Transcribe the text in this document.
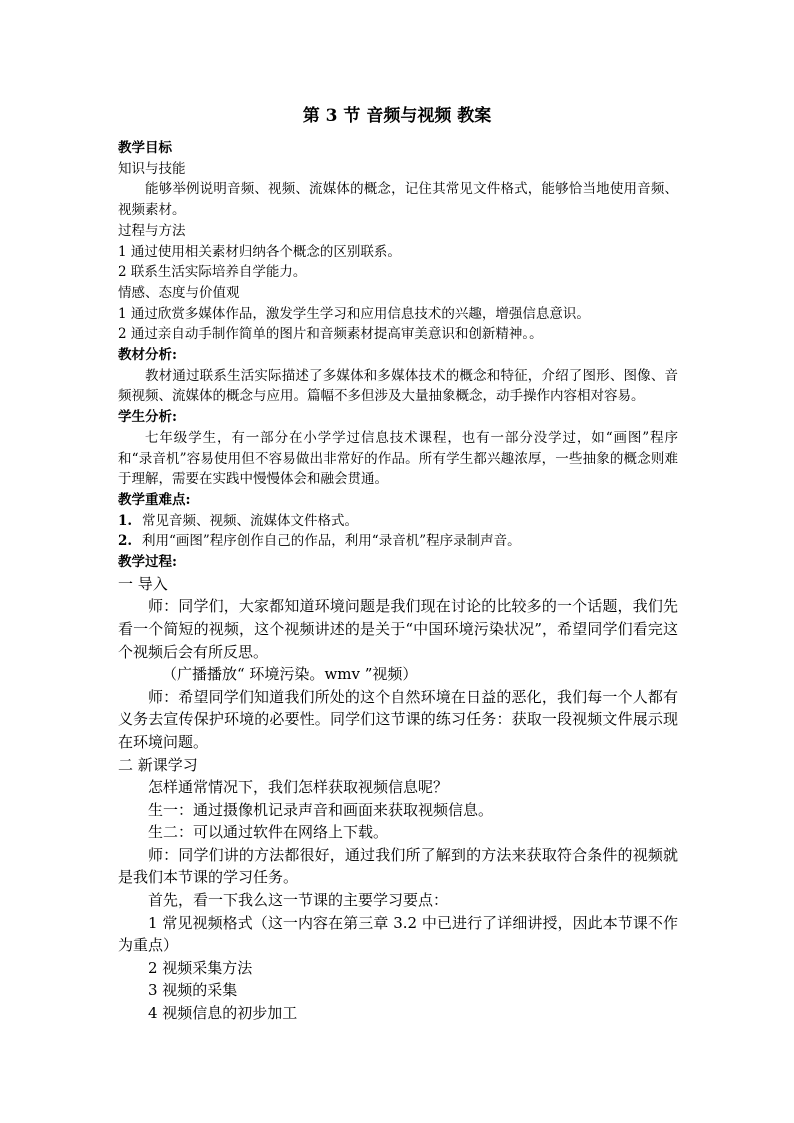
第 3 节 音频与视频 教案
教学目标
知识与技能

能够举例说明音频、视频、流媒体的概念，记住其常见文件格式，能够恰当地使用音频、视频素材。

过程与方法
1 通过使用相关素材归纳各个概念的区别联系。
2 联系生活实际培养自学能力。
情感、态度与价值观
1 通过欣赏多媒体作品，激发学生学习和应用信息技术的兴趣，增强信息意识。
2 通过亲自动手制作简单的图片和音频素材提高审美意识和创新精神。。
教材分析:

教材通过联系生活实际描述了多媒体和多媒体技术的概念和特征，介绍了图形、图像、音频视频、流媒体的概念与应用。篇幅不多但涉及大量抽象概念，动手操作内容相对容易。

学生分析:

七年级学生，有一部分在小学学过信息技术课程，也有一部分没学过，如“画图”程序和“录音机”容易使用但不容易做出非常好的作品。所有学生都兴趣浓厚，一些抽象的概念则难于理解，需要在实践中慢慢体会和融会贯通。

教学重难点:
1. 常见音频、视频、流媒体文件格式。
2. 利用“画图”程序创作自己的作品，利用“录音机”程序录制声音。
教学过程:
一 导入

师：同学们，大家都知道环境问题是我们现在讨论的比较多的一个话题，我们先看一个简短的视频，这个视频讲述的是关于“中国环境污染状况”，希望同学们看完这个视频后会有所反思。

（广播播放“ 环境污染。wmv ”视频）

师：希望同学们知道我们所处的这个自然环境在日益的恶化，我们每一个人都有义务去宣传保护环境的必要性。同学们这节课的练习任务：获取一段视频文件展示现在环境问题。

二 新课学习
怎样通常情况下，我们怎样获取视频信息呢？
生一：通过摄像机记录声音和画面来获取视频信息。
生二：可以通过软件在网络上下载。

师：同学们讲的方法都很好，通过我们所了解到的方法来获取符合条件的视频就是我们本节课的学习任务。

首先，看一下我么这一节课的主要学习要点：

1 常见视频格式（这一内容在第三章 3.2 中已进行了详细讲授，因此本节课不作为重点）

2 视频采集方法
3 视频的采集
4 视频信息的初步加工
